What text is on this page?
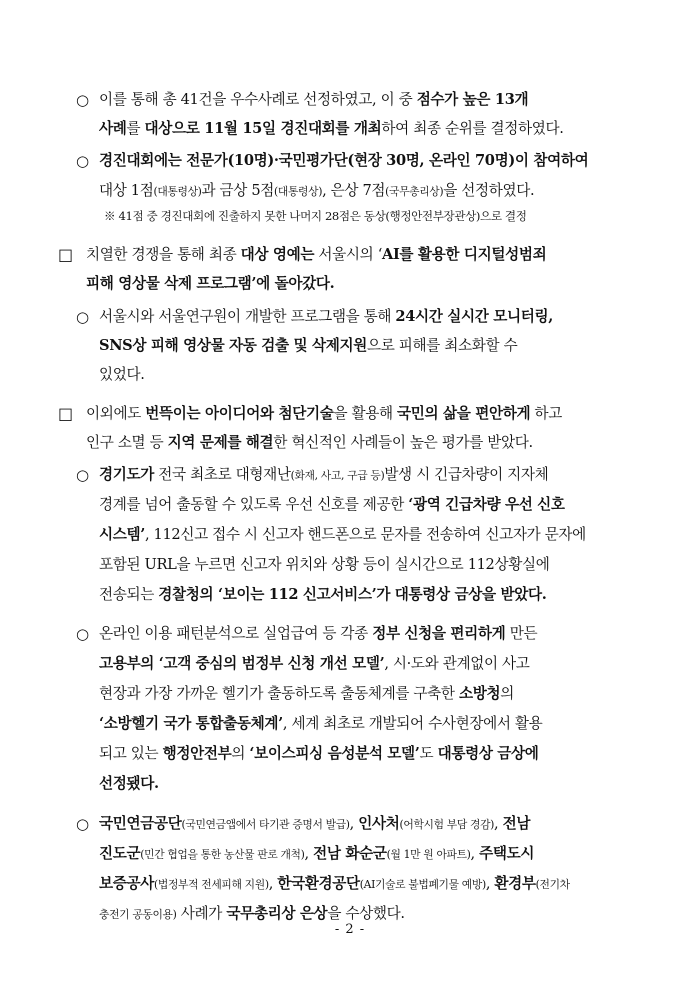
○ 이를 통해 총 41건을 우수사례로 선정하였고, 이 중 점수가 높은 13개
사례를 대상으로 11월 15일 경진대회를 개최하여 최종 순위를 결정하였다.
○ 경진대회에는 전문가(10명)·국민평가단(현장 30명, 온라인 70명)이 참여하여
대상 1점(대통령상)과 금상 5점(대통령상), 은상 7점(국무총리상)을 선정하였다.
※ 41점 중 경진대회에 진출하지 못한 나머지 28점은 동상(행정안전부장관상)으로 결정
□ 치열한 경쟁을 통해 최종 대상 영예는 서울시의 ‘AI를 활용한 디지털성범죄
피해 영상물 삭제 프로그램’에 돌아갔다.
○ 서울시와 서울연구원이 개발한 프로그램을 통해 24시간 실시간 모니터링,
SNS상 피해 영상물 자동 검출 및 삭제지원으로 피해를 최소화할 수
있었다.
□ 이외에도 번뜩이는 아이디어와 첨단기술을 활용해 국민의 삶을 편안하게 하고
인구 소멸 등 지역 문제를 해결한 혁신적인 사례들이 높은 평가를 받았다.
○ 경기도가 전국 최초로 대형재난(화재, 사고, 구급 등)발생 시 긴급차량이 지자체
경계를 넘어 출동할 수 있도록 우선 신호를 제공한 ‘광역 긴급차량 우선 신호
시스템’, 112신고 접수 시 신고자 핸드폰으로 문자를 전송하여 신고자가 문자에
포함된 URL을 누르면 신고자 위치와 상황 등이 실시간으로 112상황실에
전송되는 경찰청의 ‘보이는 112 신고서비스’가 대통령상 금상을 받았다.
○ 온라인 이용 패턴분석으로 실업급여 등 각종 정부 신청을 편리하게 만든
고용부의 ‘고객 중심의 범정부 신청 개선 모델’, 시·도와 관계없이 사고
현장과 가장 가까운 헬기가 출동하도록 출동체계를 구축한 소방청의
‘소방헬기 국가 통합출동체계’, 세계 최초로 개발되어 수사현장에서 활용
되고 있는 행정안전부의 ‘보이스피싱 음성분석 모델’도 대통령상 금상에
선정됐다.
○ 국민연금공단(국민연금앱에서 타기관 증명서 발급), 인사처(어학시험 부담 경감), 전남
진도군(민간 협업을 통한 농산물 판로 개척), 전남 화순군(월 1만 원 아파트), 주택도시
보증공사(법정부적 전세피해 지원), 한국환경공단(AI기술로 불법폐기물 예방), 환경부(전기차
충전기 공동이용) 사례가 국무총리상 은상을 수상했다.
- 2 -
